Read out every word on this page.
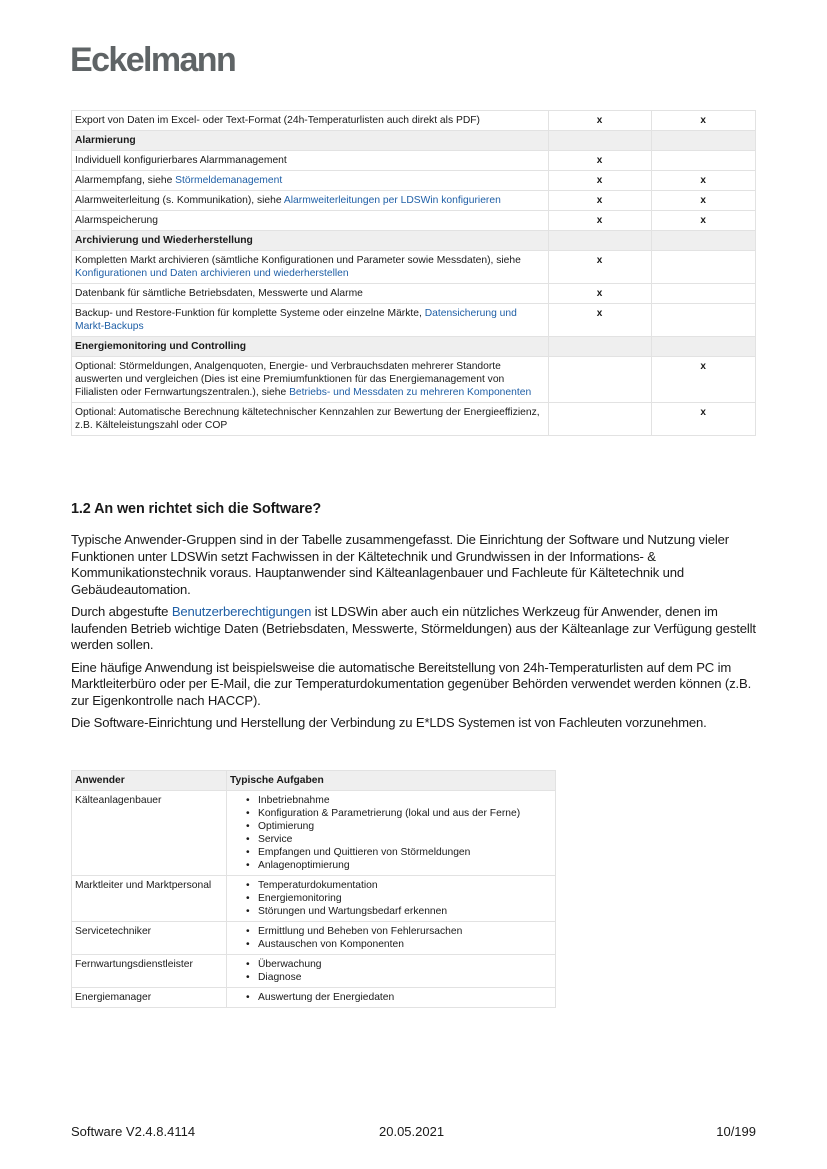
Eckelmann
Export von Daten im Excel- oder Text-Format (24h-Temperaturlisten auch direkt als PDF)	x	x
Alarmierung		
Individuell konfigurierbares Alarmmanagement	x	
Alarmempfang, siehe Störmeldemanagement	x	x
Alarmweiterleitung (s. Kommunikation), siehe Alarmweiterleitungen per LDSWin konfigurieren	x	x
Alarmspeicherung	x	x
Archivierung und Wiederherstellung		
Kompletten Markt archivieren (sämtliche Konfigurationen und Parameter sowie Messdaten), siehe Konfigurationen und Daten archivieren und wiederherstellen	x	
Datenbank für sämtliche Betriebsdaten, Messwerte und Alarme	x	
Backup- und Restore-Funktion für komplette Systeme oder einzelne Märkte, Datensicherung und Markt-Backups	x	
Energiemonitoring und Controlling		
Optional: Störmeldungen, Analgenquoten, Energie- und Verbrauchsdaten mehrerer Standorte auswerten und vergleichen (Dies ist eine Premiumfunktionen für das Energiemanagement von Filialisten oder Fernwartungszentralen.), siehe Betriebs- und Messdaten zu mehreren Komponenten		x
Optional: Automatische Berechnung kältetechnischer Kennzahlen zur Bewertung der Energieeffizienz, z.B. Kälteleistungszahl oder COP		x
1.2 An wen richtet sich die Software?

Typische Anwender-Gruppen sind in der Tabelle zusammengefasst. Die Einrichtung der Software und Nutzung vieler Funktionen unter LDSWin setzt Fachwissen in der Kältetechnik und Grundwissen in der Informations- & Kommunikationstechnik voraus. Hauptanwender sind Kälteanlagenbauer und Fachleute für Kältetechnik und Gebäudeautomation.

Durch abgestufte Benutzerberechtigungen ist LDSWin aber auch ein nützliches Werkzeug für Anwender, denen im laufenden Betrieb wichtige Daten (Betriebsdaten, Messwerte, Störmeldungen) aus der Kälteanlage zur Verfügung gestellt werden sollen.

Eine häufige Anwendung ist beispielsweise die automatische Bereitstellung von 24h-Temperaturlisten auf dem PC im Marktleiterbüro oder per E-Mail, die zur Temperaturdokumentation gegenüber Behörden verwendet werden können (z.B. zur Eigenkontrolle nach HACCP).

Die Software-Einrichtung und Herstellung der Verbindung zu E*LDS Systemen ist von Fachleuten vorzunehmen.

Anwender	Typische Aufgaben
Kälteanlagenbauer	
•Inbetriebnahme
• Konfiguration & Parametrierung (lokal und aus der Ferne)
• Optimierung
• Service
• Empfangen und Quittieren von Störmeldungen
• Anlagenoptimierung

Marktleiter und Marktpersonal	
•Temperaturdokumentation
• Energiemonitoring
• Störungen und Wartungsbedarf erkennen

Servicetechniker	
•Ermittlung und Beheben von Fehlerursachen
• Austauschen von Komponenten

Fernwartungsdienstleister	
•Überwachung
• Diagnose

Energiemanager	
•Auswertung der Energiedaten
Software V2.4.8.4114	20.05.2021	10/199
